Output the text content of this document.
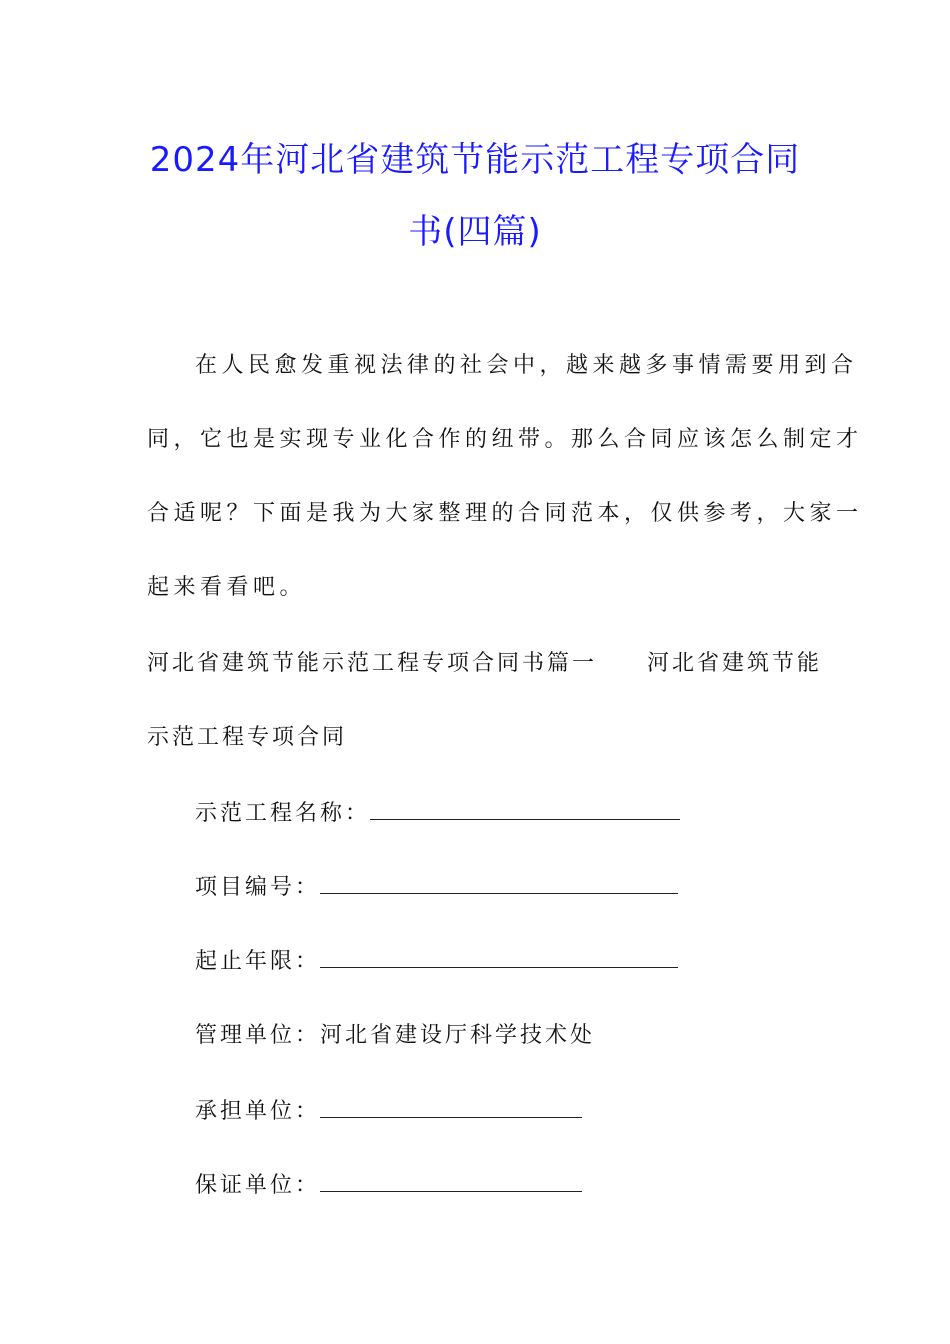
2024年河北省建筑节能示范工程专项合同
书(四篇)
在人民愈发重视法律的社会中，越来越多事情需要用到合
同，它也是实现专业化合作的纽带。那么合同应该怎么制定才
合适呢？下面是我为大家整理的合同范本，仅供参考，大家一
起来看看吧。
河北省建筑节能示范工程专项合同书篇一　　河北省建筑节能
示范工程专项合同
示范工程名称：
项目编号：
起止年限：
管理单位：河北省建设厅科学技术处
承担单位：
保证单位：
